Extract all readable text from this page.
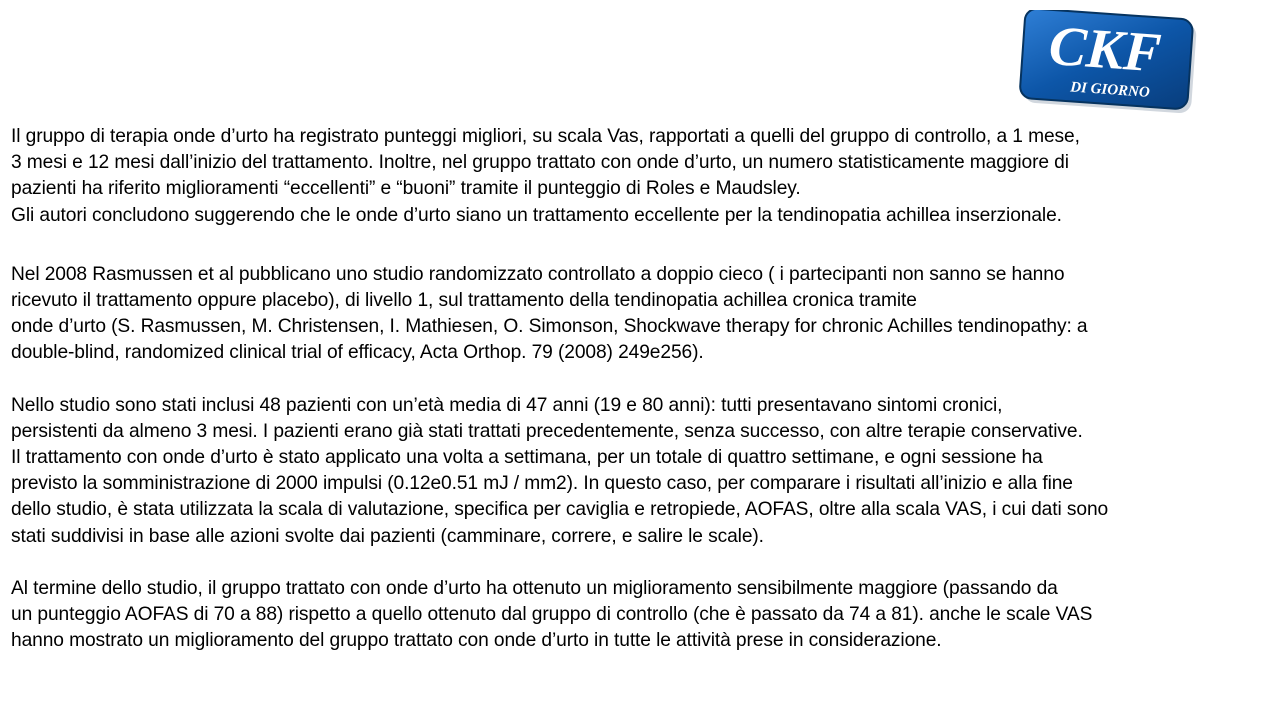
CKF
DI GIORNO

Il gruppo di terapia onde d’urto ha registrato punteggi migliori, su scala Vas, rapportati a quelli del gruppo di controllo, a 1 mese,
3 mesi e 12 mesi dall’inizio del trattamento. Inoltre, nel gruppo trattato con onde d’urto, un numero statisticamente maggiore di
pazienti ha riferito miglioramenti “eccellenti” e “buoni” tramite il punteggio di Roles e Maudsley.
Gli autori concludono suggerendo che le onde d’urto siano un trattamento eccellente per la tendinopatia achillea inserzionale.

Nel 2008 Rasmussen et al pubblicano uno studio randomizzato controllato a doppio cieco ( i partecipanti non sanno se hanno
ricevuto il trattamento oppure placebo), di livello 1, sul trattamento della tendinopatia achillea cronica tramite
onde d’urto (S. Rasmussen, M. Christensen, I. Mathiesen, O. Simonson, Shockwave therapy for chronic Achilles tendinopathy: a
double-blind, randomized clinical trial of efficacy, Acta Orthop. 79 (2008) 249e256).

Nello studio sono stati inclusi 48 pazienti con un’età media di 47 anni (19 e 80 anni): tutti presentavano sintomi cronici,
persistenti da almeno 3 mesi. I pazienti erano già stati trattati precedentemente, senza successo, con altre terapie conservative.
Il trattamento con onde d’urto è stato applicato una volta a settimana, per un totale di quattro settimane, e ogni sessione ha
previsto la somministrazione di 2000 impulsi (0.12e0.51 mJ / mm2). In questo caso, per comparare i risultati all’inizio e alla fine
dello studio, è stata utilizzata la scala di valutazione, specifica per caviglia e retropiede, AOFAS, oltre alla scala VAS, i cui dati sono
stati suddivisi in base alle azioni svolte dai pazienti (camminare, correre, e salire le scale).

Al termine dello studio, il gruppo trattato con onde d’urto ha ottenuto un miglioramento sensibilmente maggiore (passando da
un punteggio AOFAS di 70 a 88) rispetto a quello ottenuto dal gruppo di controllo (che è passato da 74 a 81). anche le scale VAS
hanno mostrato un miglioramento del gruppo trattato con onde d’urto in tutte le attività prese in considerazione.
